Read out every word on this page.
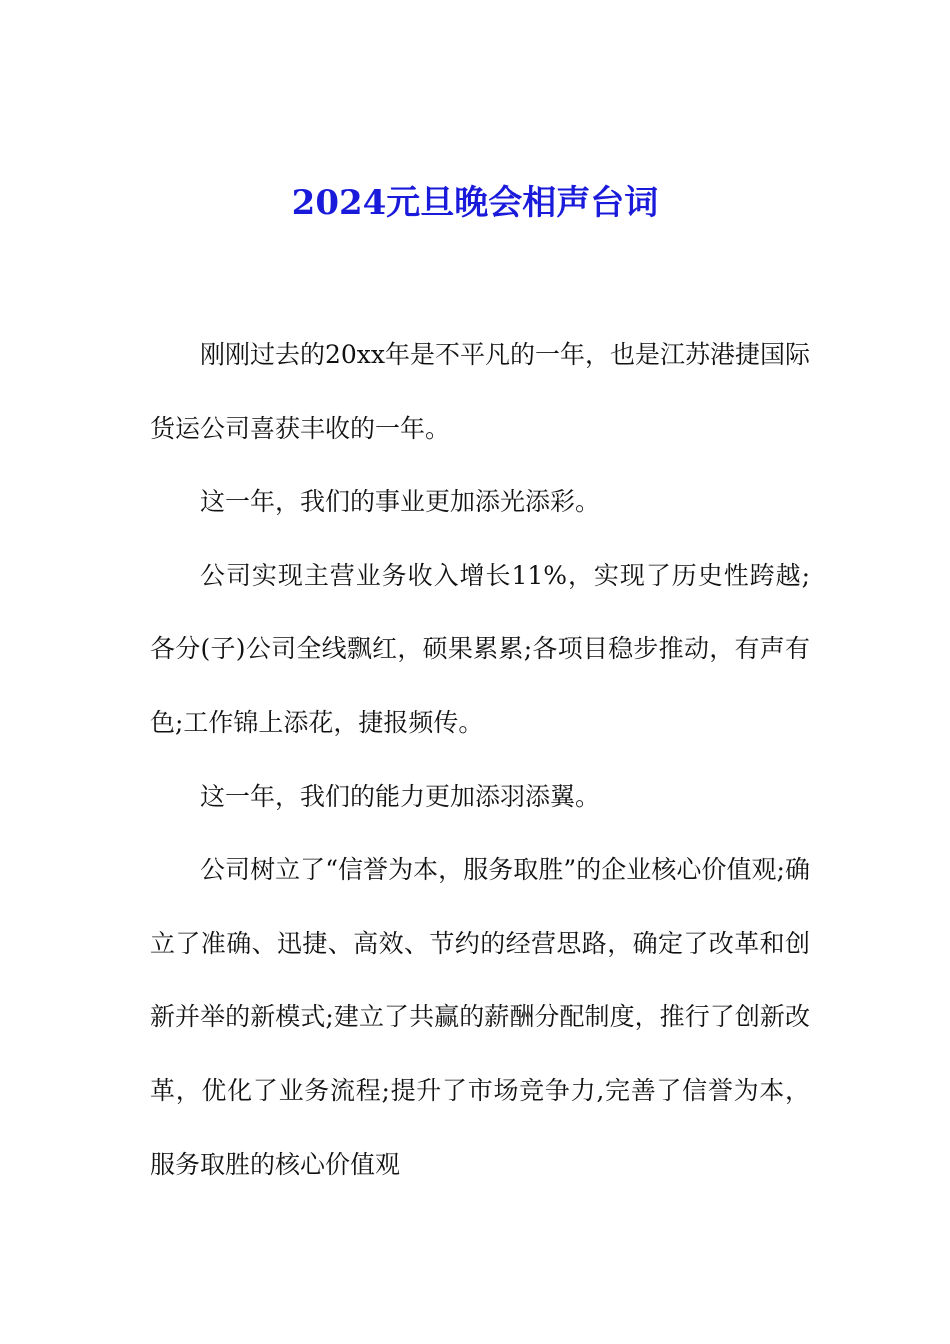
2024元旦晚会相声台词

刚刚过去的20xx年是不平凡的一年，也是江苏港捷国际货运公司喜获丰收的一年。

这一年，我们的事业更加添光添彩。

公司实现主营业务收入增长11%，实现了历史性跨越;各分(子)公司全线飘红，硕果累累;各项目稳步推动，有声有色;工作锦上添花，捷报频传。

这一年，我们的能力更加添羽添翼。

公司树立了“信誉为本，服务取胜”的企业核心价值观;确立了准确、迅捷、高效、节约的经营思路，确定了改革和创新并举的新模式;建立了共赢的薪酬分配制度，推行了创新改革，优化了业务流程;提升了市场竞争力,完善了信誉为本，服务取胜的核心价值观
